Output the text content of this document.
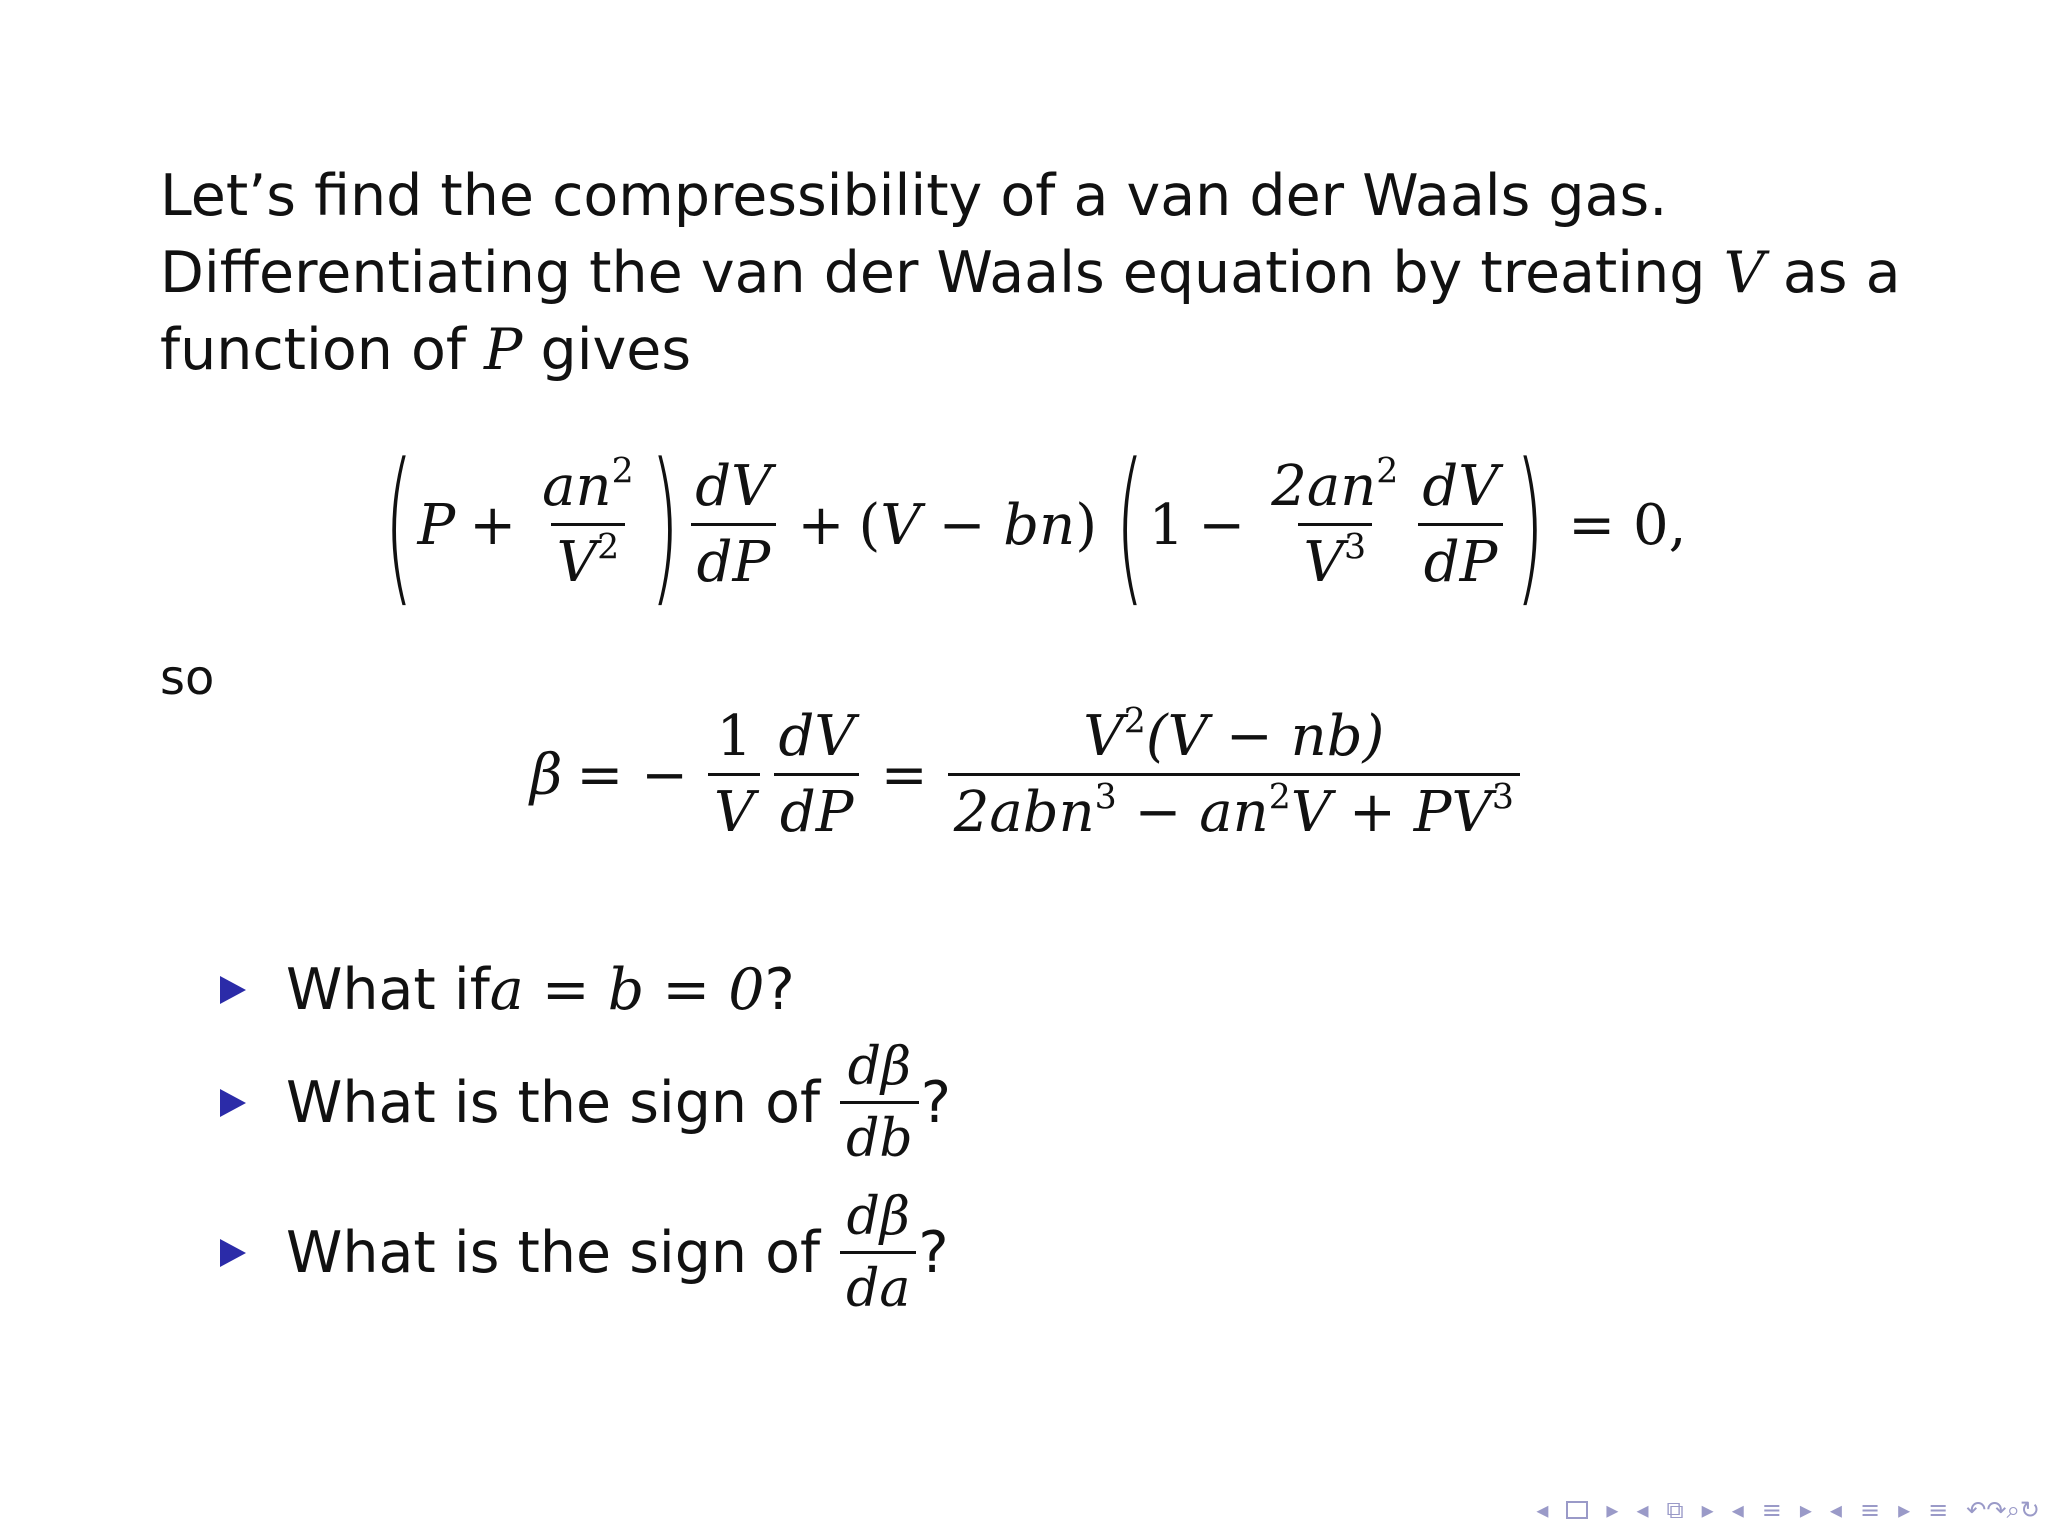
Let’s find the compressibility of a van der Waals gas.
Differentiating the van der Waals equation by treating V as a
function of P gives
( $P + \frac{an^2}{V^2}$ ) $\frac{dV}{dP}$ + ( V − bn ) ( $1 - \frac{2an^2}{V^3} \frac{dV}{dP}$ ) = 0,
so
β = − $\frac{1}{V} \frac{dV}{dP} = \frac{V^2(V - nb)}{2abn^3 - an^2V + PV^3}$
What if a = b = 0 ?
What is the sign of $\frac{d\beta}{db}$ ?
What is the sign of $\frac{d\beta}{da}$ ?
◂ ▸ ◂ ⧉ ▸ ◂ ≡ ▸ ◂ ≡ ▸ ≡ ↶↷⌕↻
